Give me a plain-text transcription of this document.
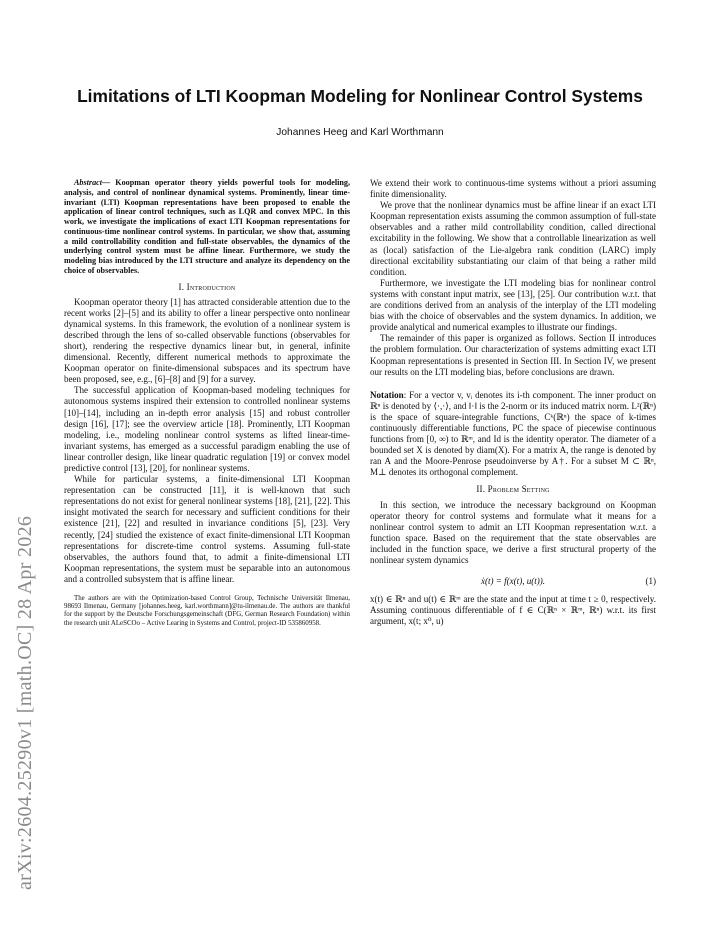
arXiv:2604.25290v1 [math.OC] 28 Apr 2026
Limitations of LTI Koopman Modeling for Nonlinear Control Systems
Johannes Heeg and Karl Worthmann

Abstract— Koopman operator theory yields powerful tools for modeling, analysis, and control of nonlinear dynamical systems. Prominently, linear time-invariant (LTI) Koopman representations have been proposed to enable the application of linear control techniques, such as LQR and convex MPC. In this work, we investigate the implications of exact LTI Koopman representations for continuous-time nonlinear control systems. In particular, we show that, assuming a mild controllability condition and full-state observables, the dynamics of the underlying control system must be affine linear. Furthermore, we study the modeling bias introduced by the LTI structure and analyze its dependency on the choice of observables.

I. Introduction

Koopman operator theory [1] has attracted considerable attention due to the recent works [2]–[5] and its ability to offer a linear perspective onto nonlinear dynamical systems. In this framework, the evolution of a nonlinear system is described through the lens of so-called observable functions (observables for short), rendering the respective dynamics linear but, in general, infinite dimensional. Recently, different numerical methods to approximate the Koopman operator on finite-dimensional subspaces and its spectrum have been proposed, see, e.g., [6]–[8] and [9] for a survey.

The successful application of Koopman-based modeling techniques for autonomous systems inspired their extension to controlled nonlinear systems [10]–[14], including an in-depth error analysis [15] and robust controller design [16], [17]; see the overview article [18]. Prominently, LTI Koopman modeling, i.e., modeling nonlinear control systems as lifted linear-time-invariant systems, has emerged as a successful paradigm enabling the use of linear controller design, like linear quadratic regulation [19] or convex model predictive control [13], [20], for nonlinear systems.

While for particular systems, a finite-dimensional LTI Koopman representation can be constructed [11], it is well-known that such representations do not exist for general nonlinear systems [18], [21], [22]. This insight motivated the search for necessary and sufficient conditions for their existence [21], [22] and resulted in invariance conditions [5], [23]. Very recently, [24] studied the existence of exact finite-dimensional LTI Koopman representations for discrete-time control systems. Assuming full-state observables, the authors found that, to admit a finite-dimensional LTI Koopman representations, the system must be separable into an autonomous and a controlled subsystem that is affine linear.

The authors are with the Optimization-based Control Group, Technische Universität Ilmenau, 98693 Ilmenau, Germany [johannes.heeg, karl.worthmann]@tu-ilmenau.de. The authors are thankful for the support by the Deutsche Forschungsgemeinschaft (DFG, German Research Foundation) within the research unit ALeSCOo – Active Learing in Systems and Control, project-ID 535860958.

We extend their work to continuous-time systems without a priori assuming finite dimensionality.

We prove that the nonlinear dynamics must be affine linear if an exact LTI Koopman representation exists assuming the common assumption of full-state observables and a rather mild controllability condition, called directional excitability in the following. We show that a controllable linearization as well as (local) satisfaction of the Lie-algebra rank condition (LARC) imply directional excitability substantiating our claim of that being a rather mild condition.

Furthermore, we investigate the LTI modeling bias for nonlinear control systems with constant input matrix, see [13], [25]. Our contribution w.r.t. that are conditions derived from an analysis of the interplay of the LTI modeling bias with the choice of observables and the system dynamics. In addition, we provide analytical and numerical examples to illustrate our findings.

The remainder of this paper is organized as follows. Section II introduces the problem formulation. Our characterization of systems admitting exact LTI Koopman representations is presented in Section III. In Section IV, we present our results on the LTI modeling bias, before conclusions are drawn.

Notation: For a vector v, vᵢ denotes its i-th component. The inner product on ℝⁿ is denoted by ⟨·,·⟩, and ‖·‖ is the 2-norm or its induced matrix norm. L²(ℝⁿ) is the space of square-integrable functions, Cᵏ(ℝⁿ) the space of k-times continuously differentiable functions, PC the space of piecewise continuous functions from [0, ∞) to ℝᵐ, and Id is the identity operator. The diameter of a bounded set X is denoted by diam(X). For a matrix A, the range is denoted by ran A and the Moore-Penrose pseudoinverse by A†. For a subset M ⊂ ℝⁿ, M⊥ denotes its orthogonal complement.

II. Problem Setting

In this section, we introduce the necessary background on Koopman operator theory for control systems and formulate what it means for a nonlinear control system to admit an LTI Koopman representation w.r.t. a function space. Based on the requirement that the state observables are included in the function space, we derive a first structural property of the nonlinear system dynamics

ẋ(t) = f(x(t), u(t)).	(1)

x(t) ∈ ℝⁿ and u(t) ∈ ℝᵐ are the state and the input at time t ≥ 0, respectively. Assuming continuous differentiable of f ∈ C(ℝⁿ × ℝᵐ, ℝⁿ) w.r.t. its first argument, x(t; x⁰, u)
